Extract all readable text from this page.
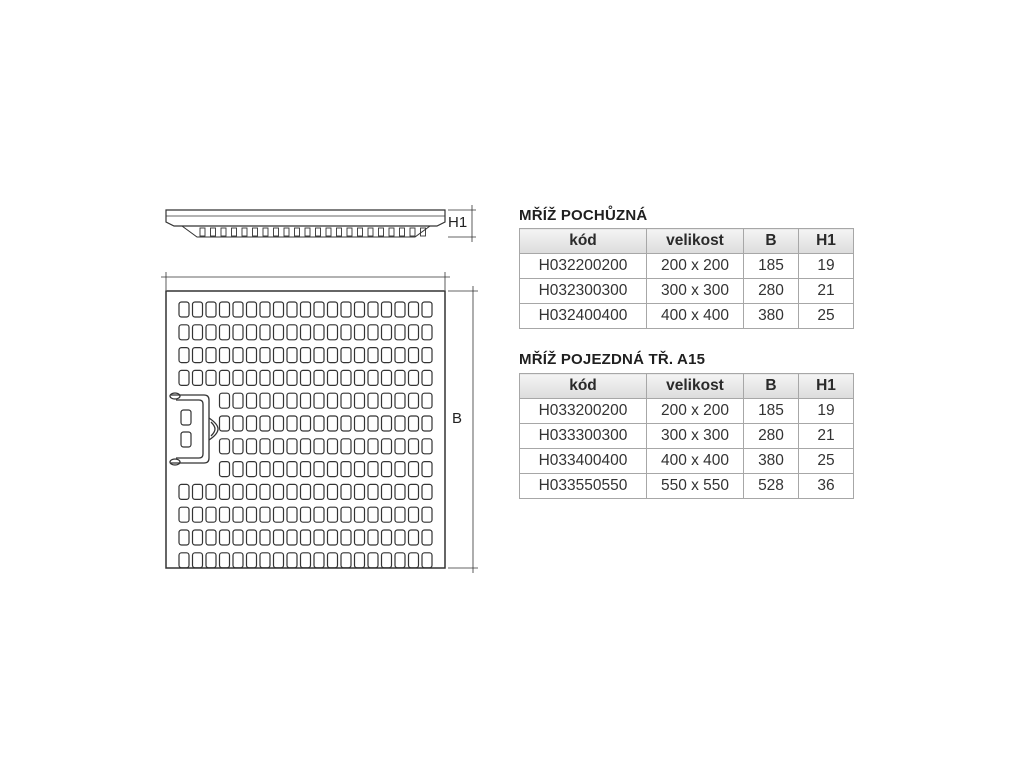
H1
B
MŘÍŽ POCHŮZNÁ
kód	velikost	B	H1
H032200200	200 x 200	185	19
H032300300	300 x 300	280	21
H032400400	400 x 400	380	25
MŘÍŽ POJEZDNÁ TŘ. A15
kód	velikost	B	H1
H033200200	200 x 200	185	19
H033300300	300 x 300	280	21
H033400400	400 x 400	380	25
H033550550	550 x 550	528	36
